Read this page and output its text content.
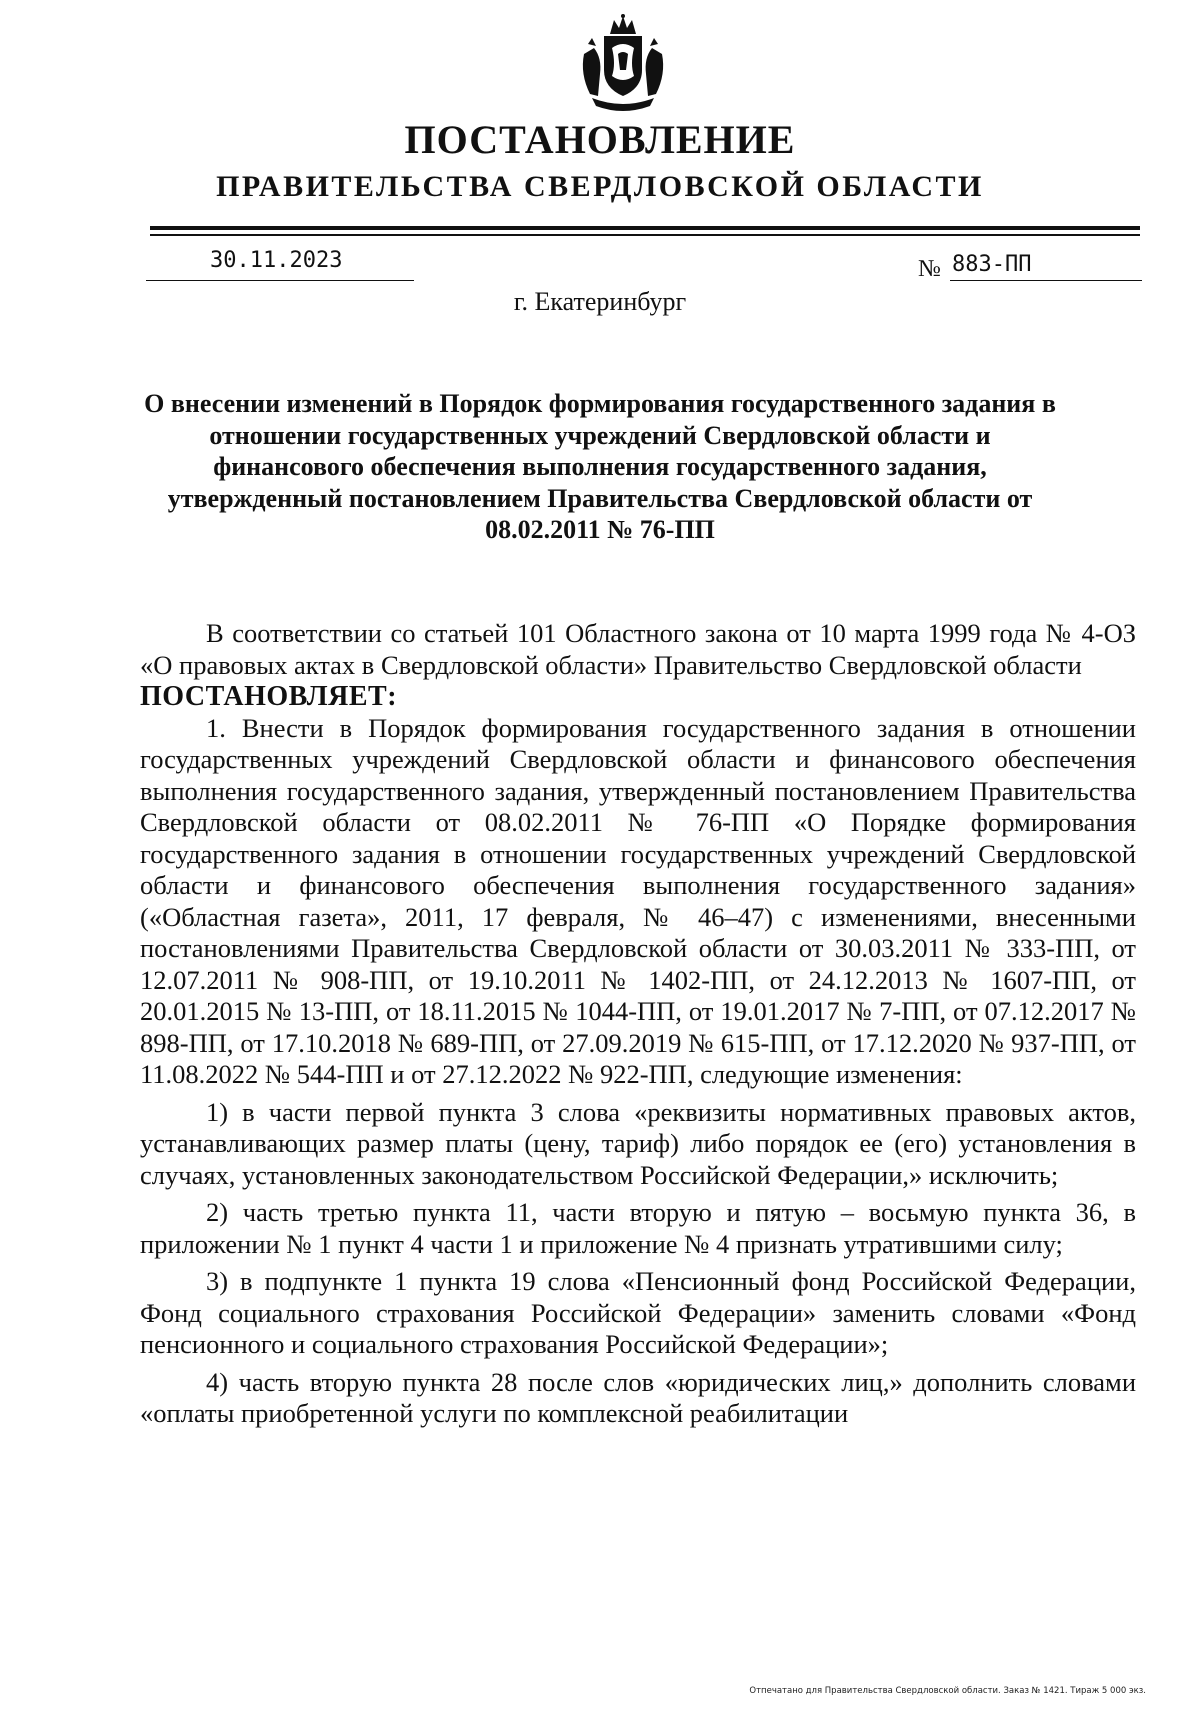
ПОСТАНОВЛЕНИЕ
ПРАВИТЕЛЬСТВА СВЕРДЛОВСКОЙ ОБЛАСТИ
30.11.2023	№ 883-ПП
г. Екатеринбург
О внесении изменений в Порядок формирования государственного задания в отношении государственных учреждений Свердловской области и финансового обеспечения выполнения государственного задания, утвержденный постановлением Правительства Свердловской области от 08.02.2011 № 76-ПП

В соответствии со статьей 101 Областного закона от 10 марта 1999 года № 4-ОЗ «О правовых актах в Свердловской области» Правительство Свердловской области

ПОСТАНОВЛЯЕТ:

1. Внести в Порядок формирования государственного задания в отношении государственных учреждений Свердловской области и финансового обеспечения выполнения государственного задания, утвержденный постановлением Правительства Свердловской области от 08.02.2011 № 76-ПП «О Порядке формирования государственного задания в отношении государственных учреждений Свердловской области и финансового обеспечения выполнения государственного задания» («Областная газета», 2011, 17 февраля, № 46–47) с изменениями, внесенными постановлениями Правительства Свердловской области от 30.03.2011 № 333-ПП, от 12.07.2011 № 908-ПП, от 19.10.2011 № 1402-ПП, от 24.12.2013 № 1607-ПП, от 20.01.2015 № 13-ПП, от 18.11.2015 № 1044-ПП, от 19.01.2017 № 7-ПП, от 07.12.2017 № 898-ПП, от 17.10.2018 № 689-ПП, от 27.09.2019 № 615-ПП, от 17.12.2020 № 937-ПП, от 11.08.2022 № 544-ПП и от 27.12.2022 № 922-ПП, следующие изменения:

1) в части первой пункта 3 слова «реквизиты нормативных правовых актов, устанавливающих размер платы (цену, тариф) либо порядок ее (его) установления в случаях, установленных законодательством Российской Федерации,» исключить;

2) часть третью пункта 11, части вторую и пятую – восьмую пункта 36, в приложении № 1 пункт 4 части 1 и приложение № 4 признать утратившими силу;

3) в подпункте 1 пункта 19 слова «Пенсионный фонд Российской Федерации, Фонд социального страхования Российской Федерации» заменить словами «Фонд пенсионного и социального страхования Российской Федерации»;

4) часть вторую пункта 28 после слов «юридических лиц,» дополнить словами «оплаты приобретенной услуги по комплексной реабилитации

Отпечатано для Правительства Свердловской области. Заказ № 1421. Тираж 5 000 экз.
